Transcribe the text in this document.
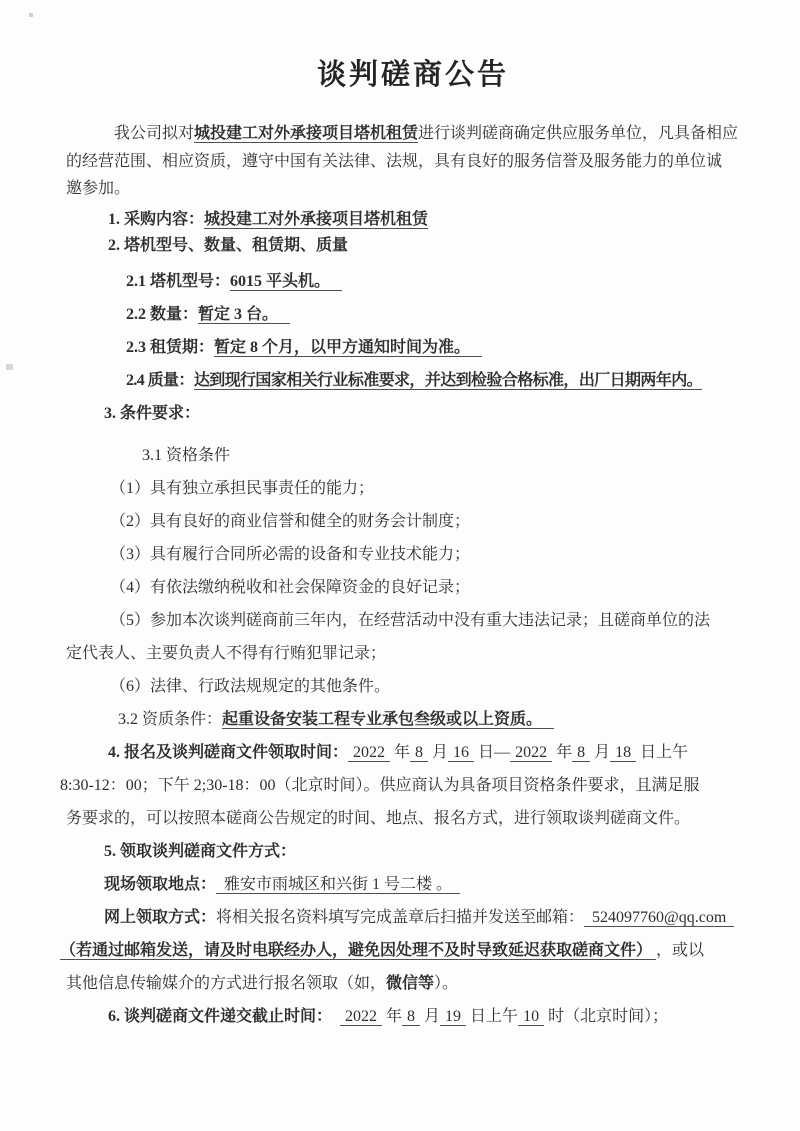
谈判磋商公告
我公司拟对城投建工对外承接项目塔机租赁进行谈判磋商确定供应服务单位，凡具备相应
的经营范围、相应资质，遵守中国有关法律、法规，具有良好的服务信誉及服务能力的单位诚
邀参加。
1. 采购内容：城投建工对外承接项目塔机租赁
2. 塔机型号、数量、租赁期、质量
2.1 塔机型号：6015 平头机。
2.2 数量：暂定 3 台。
2.3 租赁期：暂定 8 个月，以甲方通知时间为准。
2.4 质量：达到现行国家相关行业标准要求，并达到检验合格标准，出厂日期两年内。
3. 条件要求：
3.1 资格条件
（1）具有独立承担民事责任的能力；
（2）具有良好的商业信誉和健全的财务会计制度；
（3）具有履行合同所必需的设备和专业技术能力；
（4）有依法缴纳税收和社会保障资金的良好记录；
（5）参加本次谈判磋商前三年内，在经营活动中没有重大违法记录；且磋商单位的法
定代表人、主要负责人不得有行贿犯罪记录；
（6）法律、行政法规规定的其他条件。
3.2 资质条件：起重设备安装工程专业承包叁级或以上资质。
4. 报名及谈判磋商文件领取时间： 2022 年 8 月 16 日— 2022 年 8 月 18 日上午
8:30-12：00；下午 2;30-18：00（北京时间）。供应商认为具备项目资格条件要求，且满足服
务要求的，可以按照本磋商公告规定的时间、地点、报名方式，进行领取谈判磋商文件。
5. 领取谈判磋商文件方式：
现场领取地点： 雅安市雨城区和兴街 1 号二楼 。
网上领取方式：将相关报名资料填写完成盖章后扫描并发送至邮箱： 524097760@qq.com
（若通过邮箱发送，请及时电联经办人，避免因处理不及时导致延迟获取磋商文件） ，或以
其他信息传输媒介的方式进行报名领取（如，微信等）。
6. 谈判磋商文件递交截止时间： 2022 年 8 月 19 日上午 10 时（北京时间）；
